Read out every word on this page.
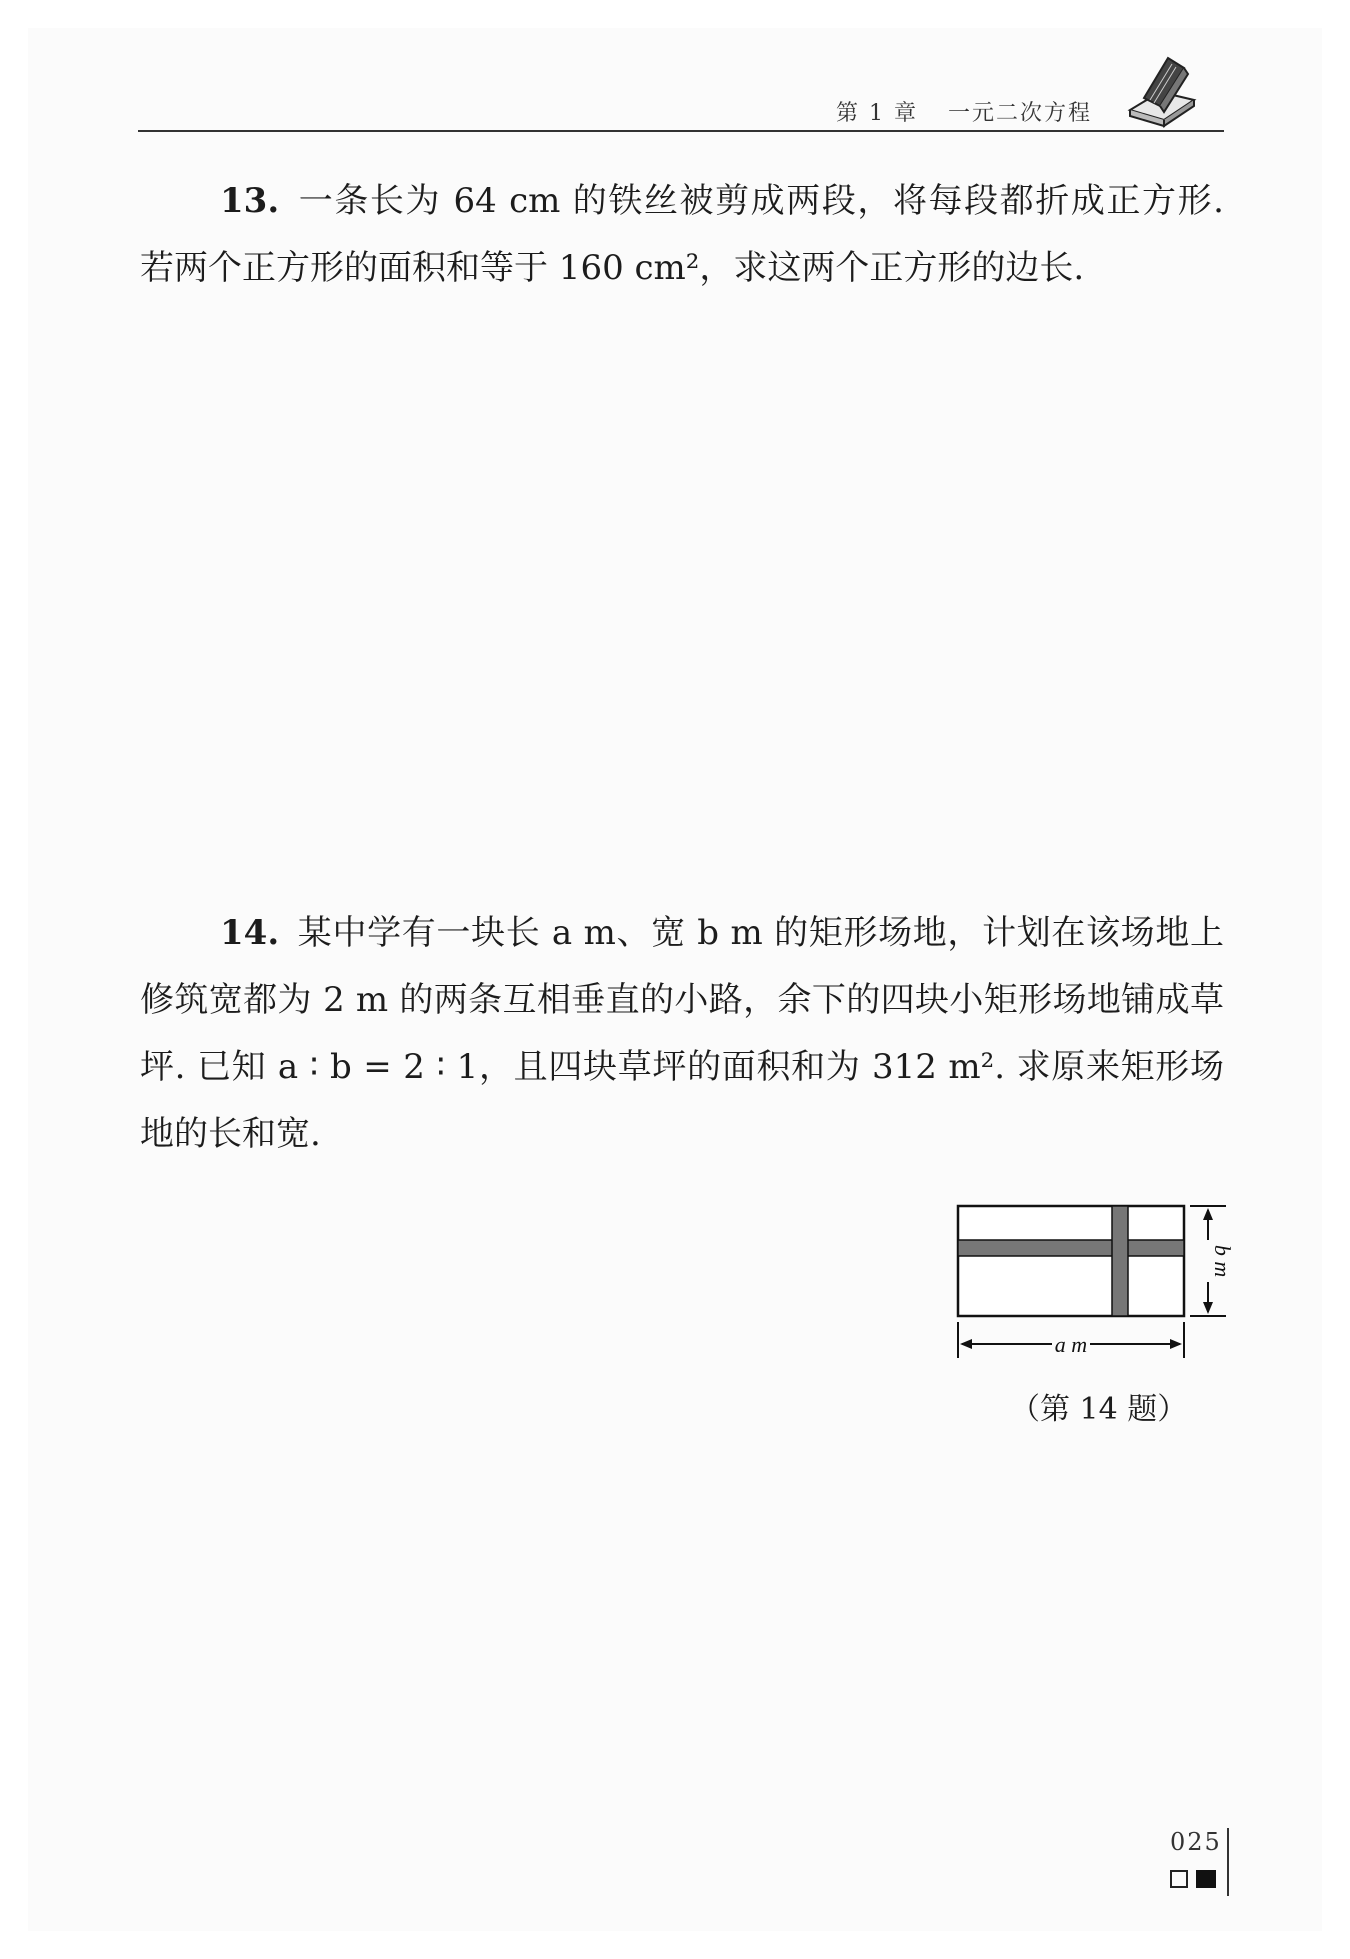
第 1 章 一元二次方程
13. 一条长为 64 cm 的铁丝被剪成两段，将每段都折成正方形. 若两个正方形的面积和等于 160 cm²，求这两个正方形的边长.
14. 某中学有一块长 a m、宽 b m 的矩形场地，计划在该场地上修筑宽都为 2 m 的两条互相垂直的小路，余下的四块小矩形场地铺成草坪. 已知 a ∶ b = 2 ∶ 1，且四块草坪的面积和为 312 m². 求原来矩形场地的长和宽.
a m
b m
（第 14 题）
025
